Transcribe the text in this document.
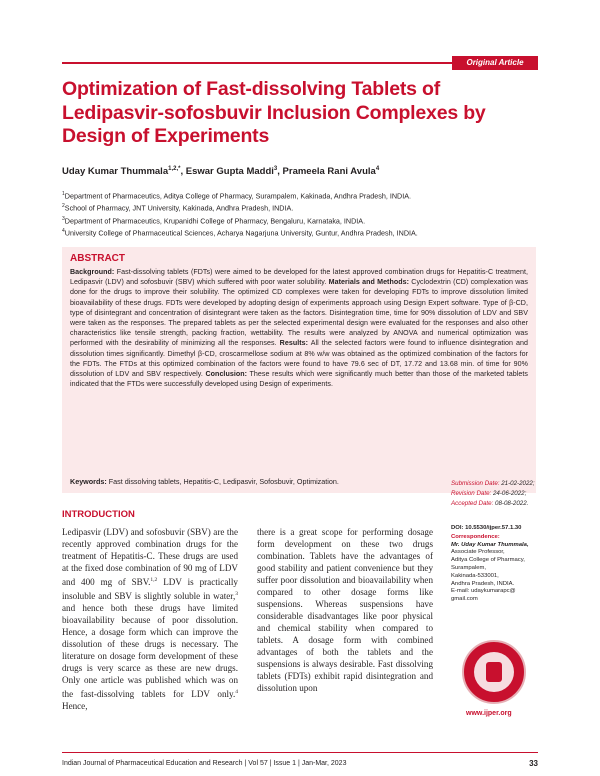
Original Article
Optimization of Fast-dissolving Tablets of Ledipasvir-sofosbuvir Inclusion Complexes by Design of Experiments
Uday Kumar Thummala$^{1,2,*}$, Eswar Gupta Maddi$^3$, Prameela Rani Avula$^4$
$^1$Department of Pharmaceutics, Aditya College of Pharmacy, Surampalem, Kakinada, Andhra Pradesh, INDIA.
$^2$School of Pharmacy, JNT University, Kakinada, Andhra Pradesh, INDIA.
$^3$Department of Pharmaceutics, Krupanidhi College of Pharmacy, Bengaluru, Karnataka, INDIA.
$^4$University College of Pharmaceutical Sciences, Acharya Nagarjuna University, Guntur, Andhra Pradesh, INDIA.
ABSTRACT

Background: Fast-dissolving tablets (FDTs) were aimed to be developed for the latest approved combination drugs for Hepatitis-C treatment, Ledipasvir (LDV) and sofosbuvir (SBV) which suffered with poor water solubility. Materials and Methods: Cyclodextrin (CD) complexation was done for the drugs to improve their solubility. The optimized CD complexes were taken for developing FDTs to improve dissolution limited bioavailability of these drugs. FDTs were developed by adopting design of experiments approach using Design Expert software. Type of β-CD, type of disintegrant and concentration of disintegrant were taken as the factors. Disintegration time, time for 90% dissolution of LDV and SBV were taken as the responses. The prepared tablets as per the selected experimental design were evaluated for the responses and also other characteristics like tensile strength, packing fraction, wettability. The results were analyzed by ANOVA and numerical optimization was performed with the desirability of minimizing all the responses. Results: All the selected factors were found to influence disintegration and dissolution times significantly. Dimethyl β-CD, croscarmellose sodium at 8% w/w was obtained as the optimized combination of the factors for the FDTs. The FTDs at this optimized combination of the factors were found to have 79.6 sec of DT, 17.72 and 13.68 min. of time for 90% dissolution of LDV and SBV respectively. Conclusion: These results which were significantly much better than those of the marketed tablets indicated that the FTDs were successfully developed using Design of experiments.

Keywords: Fast dissolving tablets, Hepatitis-C, Ledipasvir, Sofosbuvir, Optimization.	Submission Date: 21-02-2022;
Revision Date: 24-06-2022;
Accepted Date: 08-08-2022.
DOI: 10.5530/ijper.57.1.30
Correspondence:
Mr. Uday Kumar Thummala,
Associate Professor,
Aditya College of Pharmacy,
Surampalem,
Kakinada-533001,
Andhra Pradesh, INDIA.
E-mail: udaykumarapc@
gmail.com
www.ijper.org
INTRODUCTION

Ledipasvir (LDV) and sofosbuvir (SBV) are the recently approved combination drugs for the treatment of Hepatitis-C. These drugs are used at the fixed dose combination of 90 mg of LDV and 400 mg of SBV.$^{1,2}$ LDV is practically insoluble and SBV is slightly soluble in water,$^3$ and hence both these drugs have limited bioavailability because of poor dissolution. Hence, a dosage form which can improve the dissolution of these drugs is necessary. The literature on dosage form development of these drugs is very scarce as these are new drugs. Only one article was published which was on the fast-dissolving tablets for LDV only.$^4$ Hence,

there is a great scope for performing dosage form development on these two drugs combination. Tablets have the advantages of good stability and patient convenience but they suffer poor dissolution and bioavailability when compared to other dosage forms like suspensions. Whereas suspensions have considerable disadvantages like poor physical and chemical stability when compared to tablets. A dosage form with combined advantages of both the tablets and the suspensions is always desirable. Fast dissolving tablets (FDTs) exhibit rapid disintegration and dissolution upon

Indian Journal of Pharmaceutical Education and Research | Vol 57 | Issue 1 | Jan-Mar, 2023	33
